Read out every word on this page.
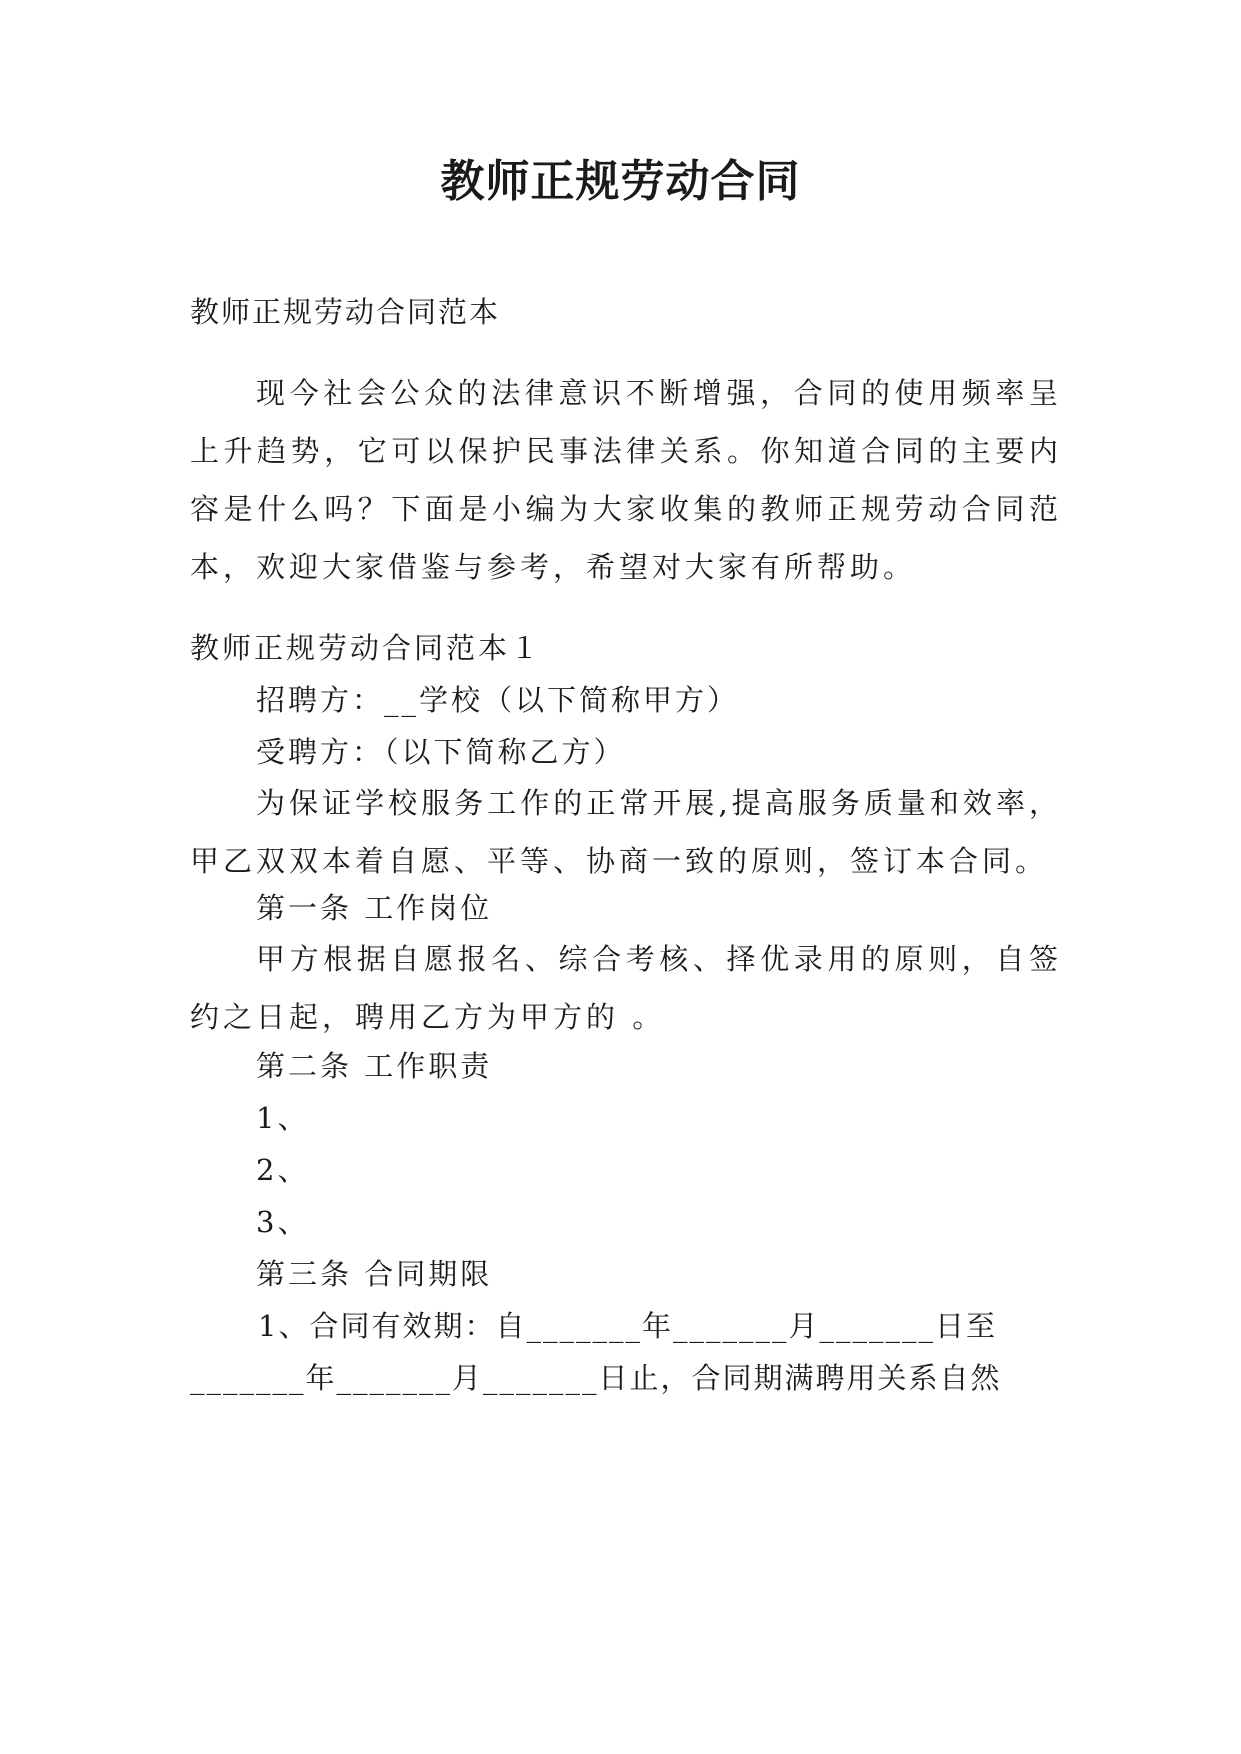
教师正规劳动合同
教师正规劳动合同范本
现今社会公众的法律意识不断增强，合同的使用频率呈上升趋势，它可以保护民事法律关系。你知道合同的主要内容是什么吗？下面是小编为大家收集的教师正规劳动合同范本，欢迎大家借鉴与参考，希望对大家有所帮助。
教师正规劳动合同范本１
招聘方：__学校（以下简称甲方）
受聘方：（以下简称乙方）
为保证学校服务工作的正常开展,提高服务质量和效率，甲乙双双本着自愿、平等、协商一致的原则，签订本合同。
第一条 工作岗位
甲方根据自愿报名、综合考核、择优录用的原则，自签约之日起，聘用乙方为甲方的 。
第二条 工作职责
1、
2、
3、
第三条 合同期限
1、合同有效期：自_______年_______月_______日至
_______年_______月_______日止，合同期满聘用关系自然
